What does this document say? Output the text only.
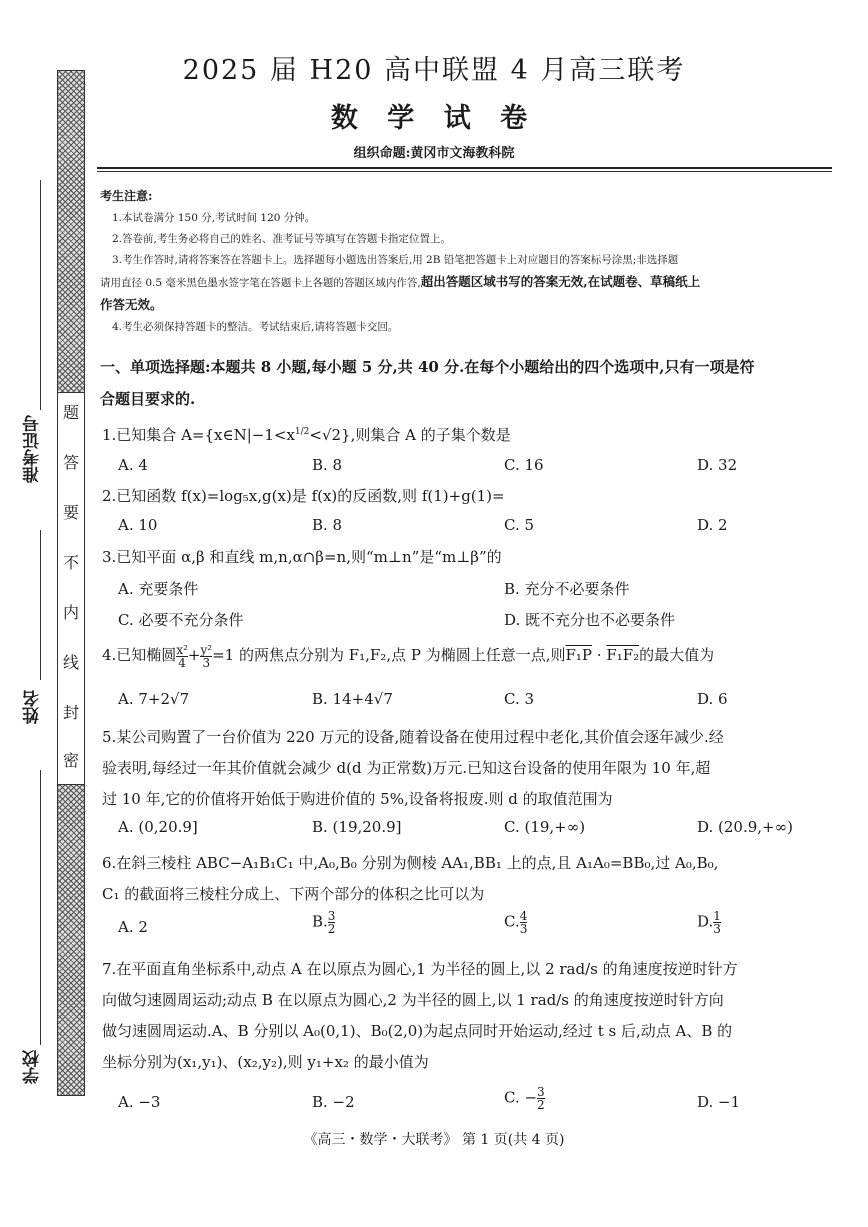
题
答
要
不
内
线
封
密
准考证号
姓名
学校
2025 届 H20 高中联盟 4 月高三联考
数 学 试 卷
组织命题:黄冈市文海教科院
考生注意:
1.本试卷满分 150 分,考试时间 120 分钟。
2.答卷前,考生务必将自己的姓名、准考证号等填写在答题卡指定位置上。
3.考生作答时,请将答案答在答题卡上。选择题每小题选出答案后,用 2B 铅笔把答题卡上对应题目的答案标号涂黑;非选择题
请用直径 0.5 毫米黑色墨水签字笔在答题卡上各题的答题区域内作答,超出答题区域书写的答案无效,在试题卷、草稿纸上
作答无效。
4.考生必须保持答题卡的整洁。考试结束后,请将答题卡交回。
一、单项选择题:本题共 8 小题,每小题 5 分,共 40 分.在每个小题给出的四个选项中,只有一项是符
合题目要求的.
1.已知集合 $A=\{x\in N|-1<x^{1/2}<√2\}$,则集合 A 的子集个数是
A. 4	B. 8	C. 16	D. 32
2.已知函数 f(x)=log₅x,g(x)是 f(x)的反函数,则 f(1)+g(1)=
A. 10	B. 8	C. 5	D. 2
3.已知平面 α,β 和直线 m,n,α∩β=n,则“m⊥n”是“m⊥β”的
A. 充要条件	B. 充分不必要条件
C. 必要不充分条件	D. 既不充分也不必要条件
4.已知椭圆 $\frac{\text{x²}}{4} + \frac{\text{y²}}{3} =1$ 的两焦点分别为 F₁,F₂,点 P 为椭圆上任意一点,则F₁P · F₁F₂的最大值为
A. 7+2√7	B. 14+4√7	C. 3	D. 6
5.某公司购置了一台价值为 220 万元的设备,随着设备在使用过程中老化,其价值会逐年减少.经
验表明,每经过一年其价值就会减少 d(d 为正常数)万元.已知这台设备的使用年限为 10 年,超
过 10 年,它的价值将开始低于购进价值的 5%,设备将报废.则 d 的取值范围为
A. (0,20.9]	B. (19,20.9]	C. (19,+∞)	D. (20.9,+∞)
6.在斜三棱柱 ABC−A₁B₁C₁ 中,A₀,B₀ 分别为侧棱 AA₁,BB₁ 上的点,且 A₁A₀=BB₀,过 A₀,B₀,
C₁ 的截面将三棱柱分成上、下两个部分的体积之比可以为
A. 2	B. $\frac{3}{2}$	C. $\frac{4}{3}$	D. $\frac{1}{3}$
7.在平面直角坐标系中,动点 A 在以原点为圆心,1 为半径的圆上,以 2 rad/s 的角速度按逆时针方
向做匀速圆周运动;动点 B 在以原点为圆心,2 为半径的圆上,以 1 rad/s 的角速度按逆时针方向
做匀速圆周运动.A、B 分别以 A₀(0,1)、B₀(2,0)为起点同时开始运动,经过 t s 后,动点 A、B 的
坐标分别为(x₁,y₁)、(x₂,y₂),则 y₁+x₂ 的最小值为
A. −3	B. −2	C. − $\frac{3}{2}$	D. −1
《高三・数学・大联考》 第 1 页(共 4 页)
